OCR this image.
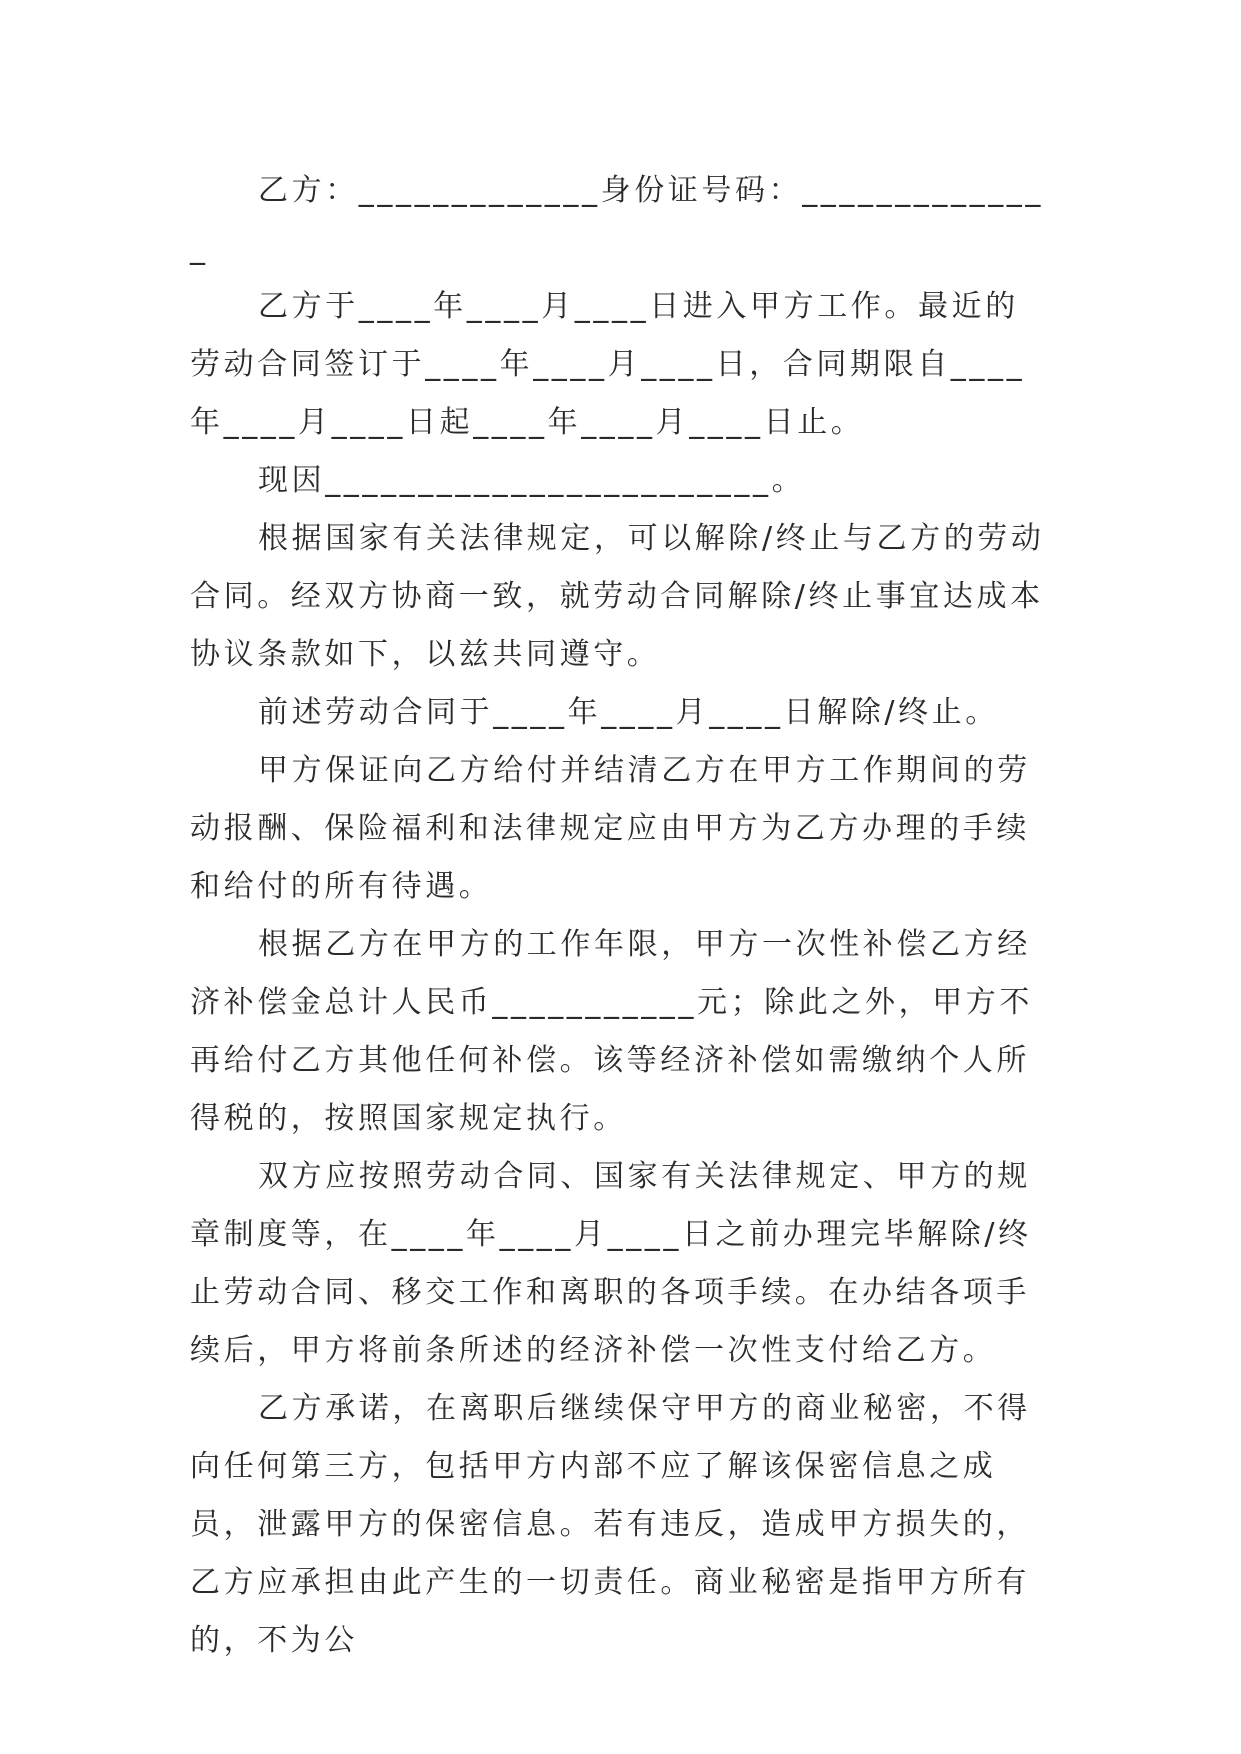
乙方：_____________身份证号码：______________

乙方于____年____月____日进入甲方工作。最近的劳动合同签订于____年____月____日，合同期限自____年____月____日起____年____月____日止。

现因________________________。

根据国家有关法律规定，可以解除/终止与乙方的劳动合同。经双方协商一致，就劳动合同解除/终止事宜达成本协议条款如下，以兹共同遵守。

前述劳动合同于____年____月____日解除/终止。

甲方保证向乙方给付并结清乙方在甲方工作期间的劳动报酬、保险福利和法律规定应由甲方为乙方办理的手续和给付的所有待遇。

根据乙方在甲方的工作年限，甲方一次性补偿乙方经济补偿金总计人民币___________元；除此之外，甲方不再给付乙方其他任何补偿。该等经济补偿如需缴纳个人所得税的，按照国家规定执行。

双方应按照劳动合同、国家有关法律规定、甲方的规章制度等，在____年____月____日之前办理完毕解除/终止劳动合同、移交工作和离职的各项手续。在办结各项手续后，甲方将前条所述的经济补偿一次性支付给乙方。

乙方承诺，在离职后继续保守甲方的商业秘密，不得向任何第三方，包括甲方内部不应了解该保密信息之成员，泄露甲方的保密信息。若有违反，造成甲方损失的，乙方应承担由此产生的一切责任。商业秘密是指甲方所有的，不为公
